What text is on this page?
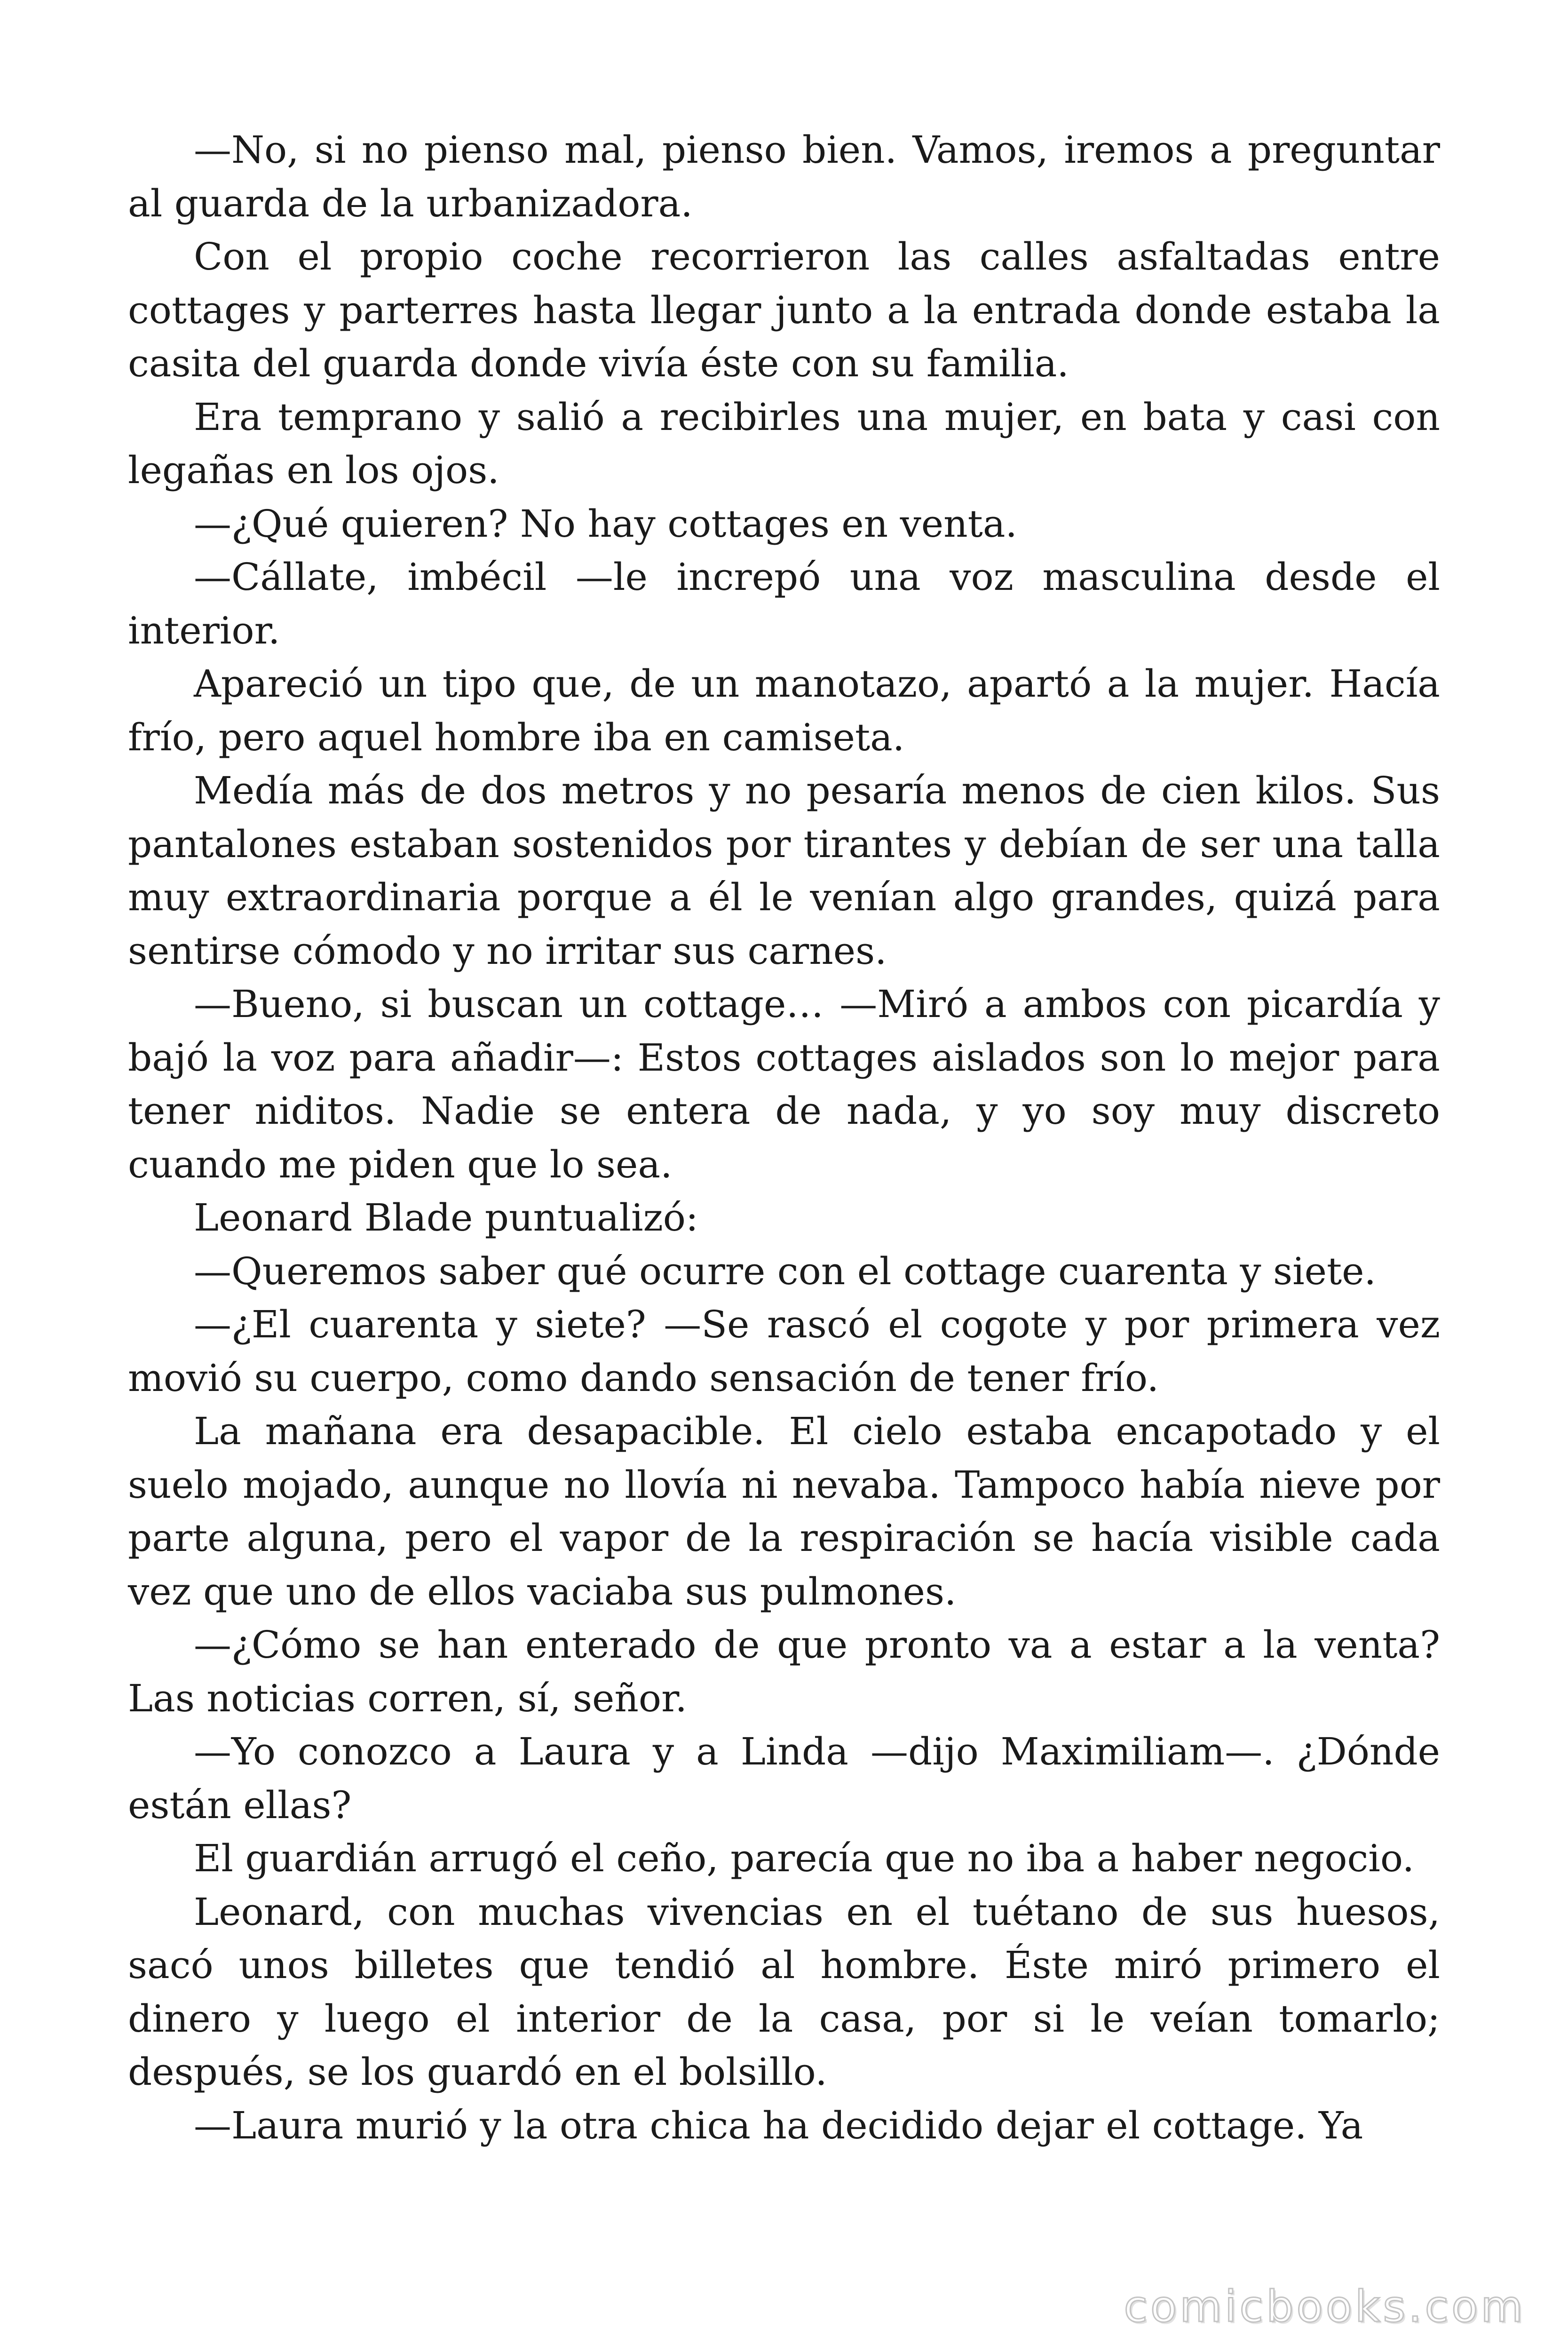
—No, si no pienso mal, pienso bien. Vamos, iremos a preguntar al guarda de la urbanizadora.

Con el propio coche recorrieron las calles asfaltadas entre cottages y parterres hasta llegar junto a la entrada donde estaba la casita del guarda donde vivía éste con su familia.

Era temprano y salió a recibirles una mujer, en bata y casi con legañas en los ojos.

—¿Qué quieren? No hay cottages en venta.

—Cállate, imbécil —le increpó una voz masculina desde el interior.

Apareció un tipo que, de un manotazo, apartó a la mujer. Hacía frío, pero aquel hombre iba en camiseta.

Medía más de dos metros y no pesaría menos de cien kilos. Sus pantalones estaban sostenidos por tirantes y debían de ser una talla muy extraordinaria porque a él le venían algo grandes, quizá para sentirse cómodo y no irritar sus carnes.

—Bueno, si buscan un cottage… —Miró a ambos con picardía y bajó la voz para añadir—: Estos cottages aislados son lo mejor para tener niditos. Nadie se entera de nada, y yo soy muy discreto cuando me piden que lo sea.

Leonard Blade puntualizó:

—Queremos saber qué ocurre con el cottage cuarenta y siete.

—¿El cuarenta y siete? —Se rascó el cogote y por primera vez movió su cuerpo, como dando sensación de tener frío.

La mañana era desapacible. El cielo estaba encapotado y el suelo mojado, aunque no llovía ni nevaba. Tampoco había nieve por parte alguna, pero el vapor de la respiración se hacía visible cada vez que uno de ellos vaciaba sus pulmones.

—¿Cómo se han enterado de que pronto va a estar a la venta? Las noticias corren, sí, señor.

—Yo conozco a Laura y a Linda —dijo Maximiliam—. ¿Dónde están ellas?

El guardián arrugó el ceño, parecía que no iba a haber negocio.

Leonard, con muchas vivencias en el tuétano de sus huesos, sacó unos billetes que tendió al hombre. Éste miró primero el dinero y luego el interior de la casa, por si le veían tomarlo; después, se los guardó en el bolsillo.

—Laura murió y la otra chica ha decidido dejar el cottage. Ya

comicbooks.com
